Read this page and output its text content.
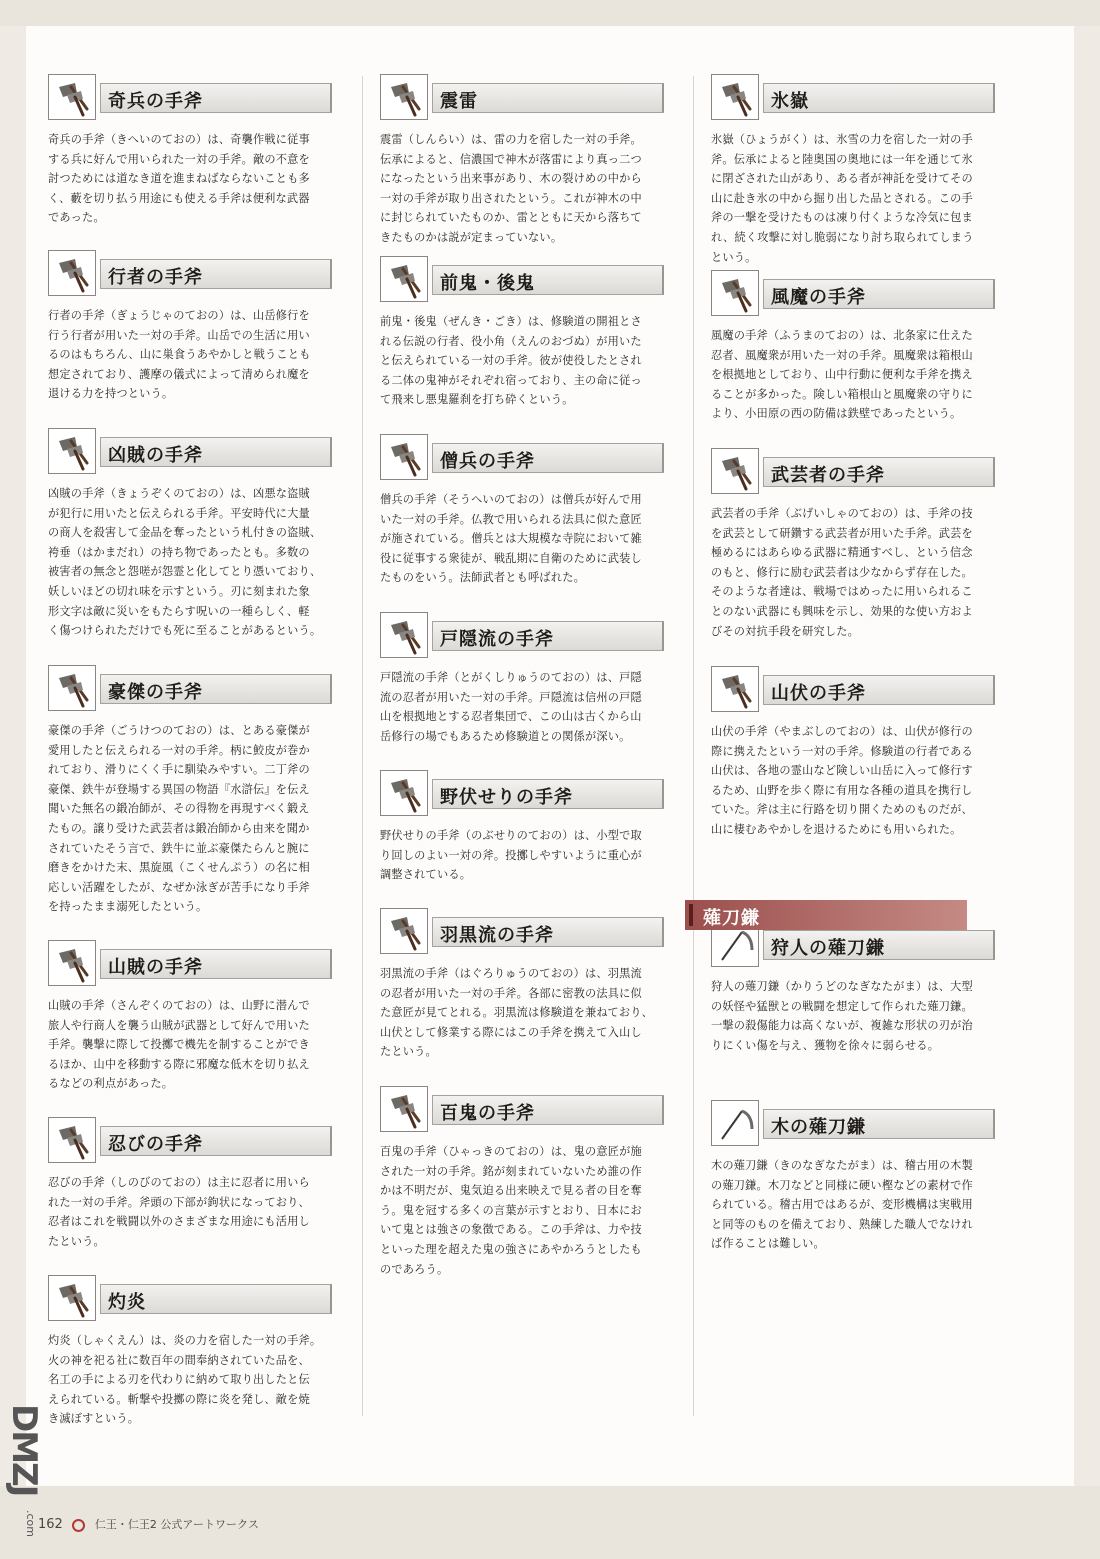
奇兵の手斧
奇兵の手斧（きへいのておの）は、奇襲作戦に従事
する兵に好んで用いられた一対の手斧。敵の不意を
討つためには道なき道を進まねばならないことも多
く、藪を切り払う用途にも使える手斧は便利な武器
であった。
行者の手斧
行者の手斧（ぎょうじゃのておの）は、山岳修行を
行う行者が用いた一対の手斧。山岳での生活に用い
るのはもちろん、山に巣食うあやかしと戦うことも
想定されており、護摩の儀式によって清められ魔を
退ける力を持つという。
凶賊の手斧
凶賊の手斧（きょうぞくのておの）は、凶悪な盗賊
が犯行に用いたと伝えられる手斧。平安時代に大量
の商人を殺害して金品を奪ったという札付きの盗賊、
袴垂（はかまだれ）の持ち物であったとも。多数の
被害者の無念と怨嗟が怨霊と化してとり憑いており、
妖しいほどの切れ味を示すという。刃に刻まれた象
形文字は敵に災いをもたらす呪いの一種らしく、軽
く傷つけられただけでも死に至ることがあるという。
豪傑の手斧
豪傑の手斧（ごうけつのておの）は、とある豪傑が
愛用したと伝えられる一対の手斧。柄に鮫皮が巻か
れており、滑りにくく手に馴染みやすい。二丁斧の
豪傑、鉄牛が登場する異国の物語『水滸伝』を伝え
聞いた無名の鍛冶師が、その得物を再現すべく鍛え
たもの。譲り受けた武芸者は鍛冶師から由来を聞か
されていたそう言で、鉄牛に並ぶ豪傑たらんと腕に
磨きをかけた末、黒旋風（こくせんぷう）の名に相
応しい活躍をしたが、なぜか泳ぎが苦手になり手斧
を持ったまま溺死したという。
山賊の手斧
山賊の手斧（さんぞくのておの）は、山野に潜んで
旅人や行商人を襲う山賊が武器として好んで用いた
手斧。襲撃に際して投擲で機先を制することができ
るほか、山中を移動する際に邪魔な低木を切り払え
るなどの利点があった。
忍びの手斧
忍びの手斧（しのびのておの）は主に忍者に用いら
れた一対の手斧。斧頭の下部が鉤状になっており、
忍者はこれを戦闘以外のさまざまな用途にも活用し
たという。
灼炎
灼炎（しゃくえん）は、炎の力を宿した一対の手斧。
火の神を祀る社に数百年の間奉納されていた品を、
名工の手による刃を代わりに納めて取り出したと伝
えられている。斬撃や投擲の際に炎を発し、敵を焼
き滅ぼすという。
震雷
震雷（しんらい）は、雷の力を宿した一対の手斧。
伝承によると、信濃国で神木が落雷により真っ二つ
になったという出来事があり、木の裂けめの中から
一対の手斧が取り出されたという。これが神木の中
に封じられていたものか、雷とともに天から落ちて
きたものかは説が定まっていない。
前鬼・後鬼
前鬼・後鬼（ぜんき・ごき）は、修験道の開祖とさ
れる伝説の行者、役小角（えんのおづぬ）が用いた
と伝えられている一対の手斧。彼が使役したとされ
る二体の鬼神がそれぞれ宿っており、主の命に従っ
て飛来し悪鬼羅刹を打ち砕くという。
僧兵の手斧
僧兵の手斧（そうへいのておの）は僧兵が好んで用
いた一対の手斧。仏教で用いられる法具に似た意匠
が施されている。僧兵とは大規模な寺院において雑
役に従事する衆徒が、戦乱期に自衛のために武装し
たものをいう。法師武者とも呼ばれた。
戸隠流の手斧
戸隠流の手斧（とがくしりゅうのておの）は、戸隠
流の忍者が用いた一対の手斧。戸隠流は信州の戸隠
山を根拠地とする忍者集団で、この山は古くから山
岳修行の場でもあるため修験道との関係が深い。
野伏せりの手斧
野伏せりの手斧（のぶせりのておの）は、小型で取
り回しのよい一対の斧。投擲しやすいように重心が
調整されている。
羽黒流の手斧
羽黒流の手斧（はぐろりゅうのておの）は、羽黒流
の忍者が用いた一対の手斧。各部に密教の法具に似
た意匠が見てとれる。羽黒流は修験道を兼ねており、
山伏として修業する際にはこの手斧を携えて入山し
たという。
百鬼の手斧
百鬼の手斧（ひゃっきのておの）は、鬼の意匠が施
された一対の手斧。銘が刻まれていないため誰の作
かは不明だが、鬼気迫る出来映えで見る者の目を奪
う。鬼を冠する多くの言葉が示すとおり、日本にお
いて鬼とは強さの象徴である。この手斧は、力や技
といった理を超えた鬼の強さにあやかろうとしたも
のであろう。
氷嶽
氷嶽（ひょうがく）は、氷雪の力を宿した一対の手
斧。伝承によると陸奥国の奥地には一年を通じて氷
に閉ざされた山があり、ある者が神託を受けてその
山に赴き氷の中から掘り出した品とされる。この手
斧の一撃を受けたものは凍り付くような冷気に包ま
れ、続く攻撃に対し脆弱になり討ち取られてしまう
という。
風魔の手斧
風魔の手斧（ふうまのておの）は、北条家に仕えた
忍者、風魔衆が用いた一対の手斧。風魔衆は箱根山
を根拠地としており、山中行動に便利な手斧を携え
ることが多かった。険しい箱根山と風魔衆の守りに
より、小田原の西の防備は鉄壁であったという。
武芸者の手斧
武芸者の手斧（ぶげいしゃのておの）は、手斧の技
を武芸として研鑽する武芸者が用いた手斧。武芸を
極めるにはあらゆる武器に精通すべし、という信念
のもと、修行に励む武芸者は少なからず存在した。
そのような者達は、戦場ではめったに用いられるこ
とのない武器にも興味を示し、効果的な使い方およ
びその対抗手段を研究した。
山伏の手斧
山伏の手斧（やまぶしのておの）は、山伏が修行の
際に携えたという一対の手斧。修験道の行者である
山伏は、各地の霊山など険しい山岳に入って修行す
るため、山野を歩く際に有用な各種の道具を携行し
ていた。斧は主に行路を切り開くためのものだが、
山に棲むあやかしを退けるためにも用いられた。
狩人の薙刀鎌
狩人の薙刀鎌（かりうどのなぎなたがま）は、大型
の妖怪や猛獣との戦闘を想定して作られた薙刀鎌。
一撃の殺傷能力は高くないが、複雑な形状の刃が治
りにくい傷を与え、獲物を徐々に弱らせる。
木の薙刀鎌
木の薙刀鎌（きのなぎなたがま）は、稽古用の木製
の薙刀鎌。木刀などと同様に硬い樫などの素材で作
られている。稽古用ではあるが、変形機構は実戦用
と同等のものを備えており、熟練した職人でなけれ
ば作ることは難しい。
薙刀鎌
162	仁王・仁王2 公式アートワークス
DMZJ
.com
